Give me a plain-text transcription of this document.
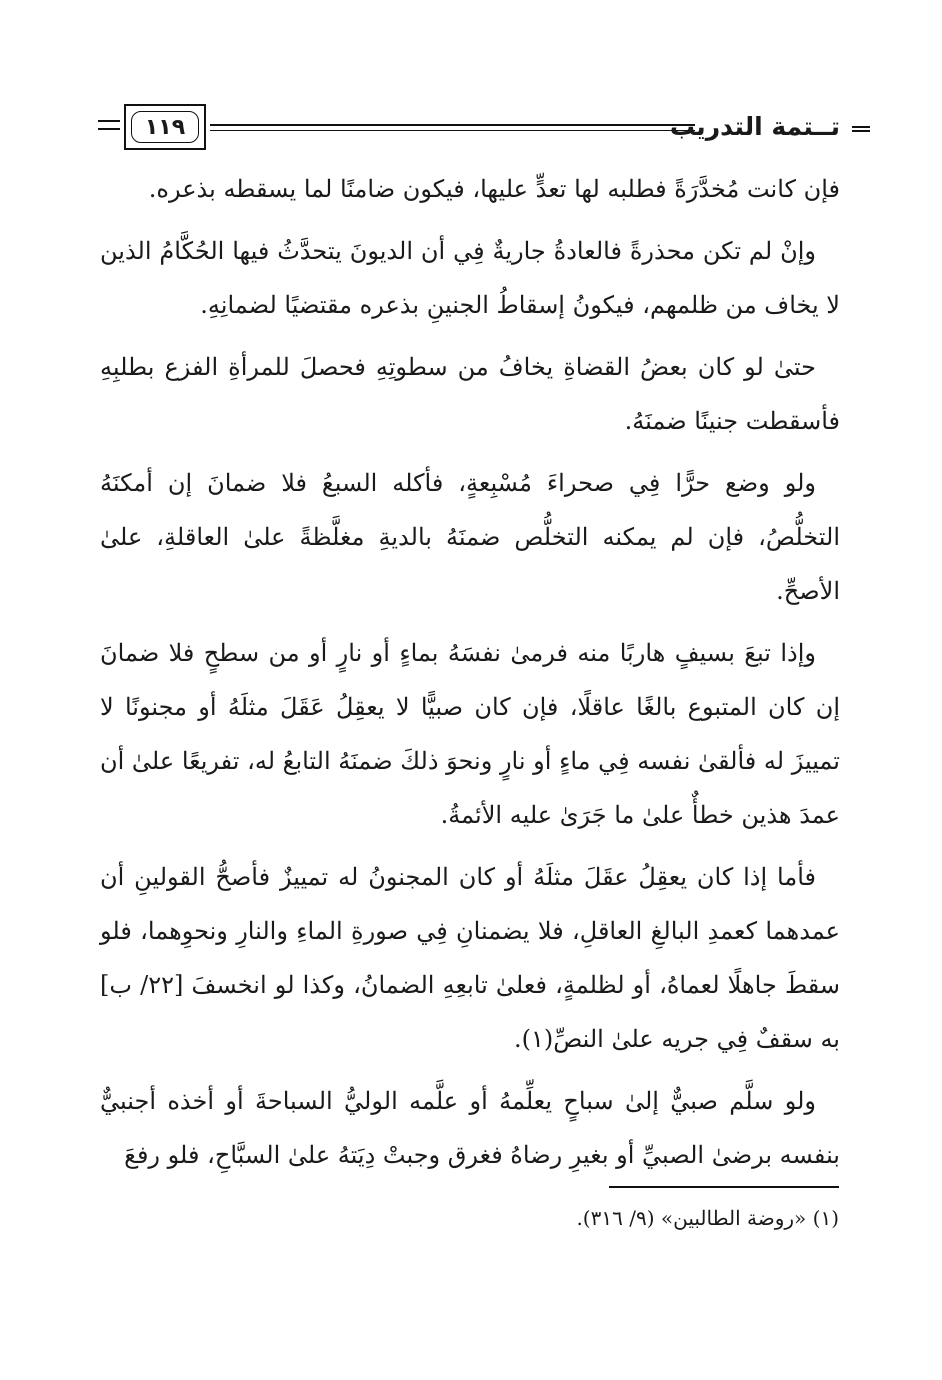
١١٩	تــتمة التدريب

فإن كانت مُخدَّرَةً فطلبه لها تعدٍّ عليها، فيكون ضامنًا لما يسقطه بذعره.

وإنْ لم تكن محذرةً فالعادةُ جاريةٌ فِي أن الديونَ يتحدَّثُ فيها الحُكَّامُ الذين لا يخاف من ظلمهم، فيكونُ إسقاطُ الجنينِ بذعره مقتضيًا لضمانِهِ.

حتىٰ لو كان بعضُ القضاةِ يخافُ من سطوتِهِ فحصلَ للمرأةِ الفزع بطلبِهِ فأسقطت جنينًا ضمنَهُ.

ولو وضع حرًّا فِي صحراءَ مُسْبِعةٍ، فأكله السبعُ فلا ضمانَ إن أمكنَهُ التخلُّصُ، فإن لم يمكنه التخلُّص ضمنَهُ بالديةِ مغلَّظةً علىٰ العاقلةِ، علىٰ الأصحِّ.

وإذا تبعَ بسيفٍ هاربًا منه فرمىٰ نفسَهُ بماءٍ أو نارٍ أو من سطحٍ فلا ضمانَ إن كان المتبوع بالغًا عاقلًا، فإن كان صبيًّا لا يعقِلُ عَقَلَ مثلَهُ أو مجنونًا لا تمييزَ له فألقىٰ نفسه فِي ماءٍ أو نارٍ ونحوَ ذلكَ ضمنَهُ التابعُ له، تفريعًا علىٰ أن عمدَ هذين خطأٌ علىٰ ما جَرَىٰ عليه الأئمةُ.

فأما إذا كان يعقِلُ عقَلَ مثلَهُ أو كان المجنونُ له تمييزٌ فأصحُّ القولينِ أن عمدهما كعمدِ البالغِ العاقلِ، فلا يضمنانِ فِي صورةِ الماءِ والنارِ ونحوِهما، فلو سقطَ جاهلًا لعماهُ، أو لظلمةٍ، فعلىٰ تابعِهِ الضمانُ، وكذا لو انخسفَ [٢٢/ ب] به سقفٌ فِي جريه علىٰ النصِّ(١).

ولو سلَّم صبيٌّ إلىٰ سباحٍ يعلِّمهُ أو علَّمه الوليُّ السباحةَ أو أخذه أجنبيٌّ بنفسه برضىٰ الصبيِّ أو بغيرِ رضاهُ فغرق وجبتْ دِيَتهُ علىٰ السبَّاحِ، فلو رفعَ

(١) «روضة الطالبين» (٩/ ٣١٦).
